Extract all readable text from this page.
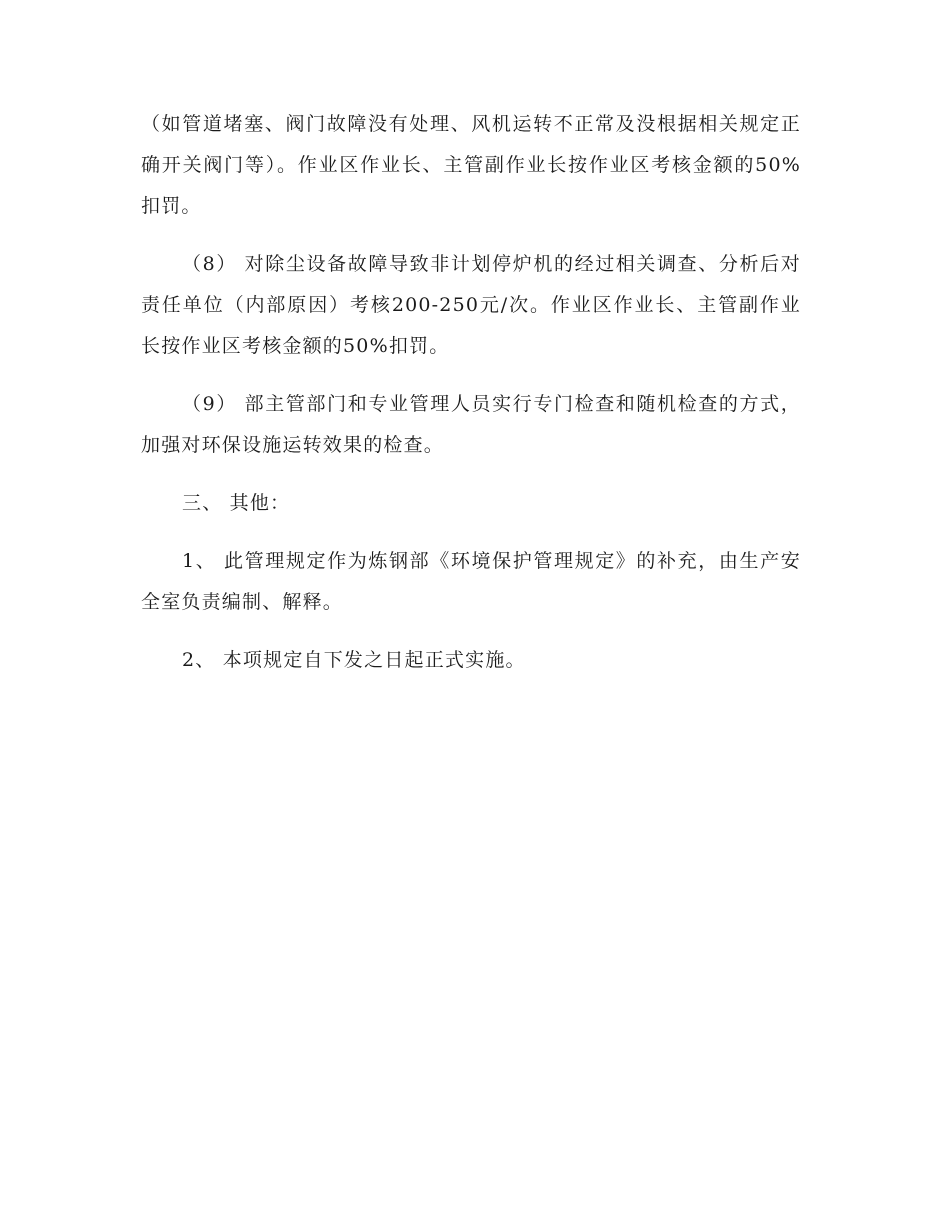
（如管道堵塞、阀门故障没有处理、风机运转不正常及没根据相关规定正确开关阀门等）。作业区作业长、主管副作业长按作业区考核金额的50%扣罚。

（8） 对除尘设备故障导致非计划停炉机的经过相关调查、分析后对责任单位（内部原因）考核200-250元/次。作业区作业长、主管副作业长按作业区考核金额的50%扣罚。

（9） 部主管部门和专业管理人员实行专门检查和随机检查的方式，加强对环保设施运转效果的检查。

三、 其他：

1、 此管理规定作为炼钢部《环境保护管理规定》的补充，由生产安全室负责编制、解释。

2、 本项规定自下发之日起正式实施。
